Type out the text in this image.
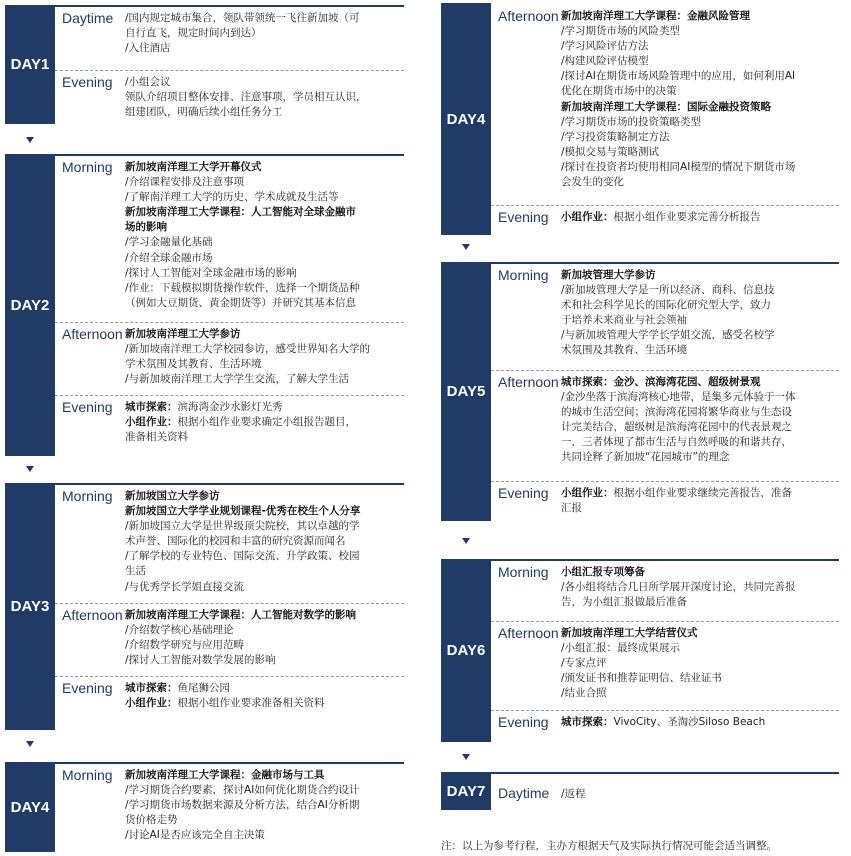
DAY1
Daytime /国内规定城市集合，领队带领统一飞往新加坡（可

自行直飞，规定时间内到达）

/入住酒店

Evening /小组会议

领队介绍项目整体安排、注意事项，学员相互认识，

组建团队，明确后续小组任务分工

DAY2
Morning 新加坡南洋理工大学开幕仪式

/介绍课程安排及注意事项

/了解南洋理工大学的历史、学术成就及生活等

新加坡南洋理工大学课程：人工智能对全球金融市

场的影响

/学习金融量化基础

/介绍全球金融市场

/探讨人工智能对全球金融市场的影响

/作业：下载模拟期货操作软件，选择一个期货品种

（例如大豆期货、黄金期货等）并研究其基本信息

Afternoon 新加坡南洋理工大学参访

/新加坡南洋理工大学校园参访，感受世界知名大学的

学术氛围及其教育、生活环境

/与新加坡南洋理工大学学生交流，了解大学生活

Evening 城市探索：滨海湾金沙水影灯光秀

小组作业：根据小组作业要求确定小组报告题目，

准备相关资料

DAY3
Morning 新加坡国立大学参访

新加坡国立大学学业规划课程-优秀在校生个人分享

/新加坡国立大学是世界级顶尖院校，其以卓越的学

术声誉、国际化的校园和丰富的研究资源而闻名

/了解学校的专业特色、国际交流、升学政策、校园

生活

/与优秀学长学姐直接交流

Afternoon 新加坡南洋理工大学课程：人工智能对数学的影响

/介绍数学核心基础理论

/介绍数学研究与应用范畴

/探讨人工智能对数学发展的影响

Evening 城市探索：鱼尾狮公园

小组作业：根据小组作业要求准备相关资料

DAY4
Morning 新加坡南洋理工大学课程：金融市场与工具

/学习期货合约要素，探讨AI如何优化期货合约设计

/学习期货市场数据来源及分析方法，结合AI分析期

货价格走势

/讨论AI是否应该完全自主决策

DAY4
Afternoon 新加坡南洋理工大学课程：金融风险管理

/学习期货市场的风险类型

/学习风险评估方法

/构建风险评估模型

/探讨AI在期货市场风险管理中的应用，如何利用AI

优化在期货市场中的决策

新加坡南洋理工大学课程：国际金融投资策略

/学习期货市场的投资策略类型

/学习投资策略制定方法

/模拟交易与策略测试

/探讨在投资者均使用相同AI模型的情况下期货市场

会发生的变化

Evening 小组作业：根据小组作业要求完善分析报告

DAY5
Morning 新加坡管理大学参访

/新加坡管理大学是一所以经济、商科、信息技

术和社会科学见长的国际化研究型大学，致力

于培养未来商业与社会领袖

/与新加坡管理大学学长学姐交流，感受名校学

术氛围及其教育、生活环境

Afternoon 城市探索：金沙、滨海湾花园、超级树景观

/金沙坐落于滨海湾核心地带，是集多元体验于一体

的城市生活空间；滨海湾花园将繁华商业与生态设

计完美结合，超级树是滨海湾花园中的代表景观之

一，三者体现了都市生活与自然呼吸的和谐共存，

共同诠释了新加坡“花园城市”的理念

Evening 小组作业：根据小组作业要求继续完善报告，准备

汇报

DAY6
Morning 小组汇报专项筹备

/各小组将结合几日所学展开深度讨论，共同完善报

告，为小组汇报做最后准备

Afternoon 新加坡南洋理工大学结营仪式

/小组汇报：最终成果展示

/专家点评

/颁发证书和推荐证明信、结业证书

/结业合照

Evening 城市探索：VivoCity、圣淘沙Siloso Beach

DAY7 Daytime /返程

注：以上为参考行程，主办方根据天气及实际执行情况可能会适当调整。
